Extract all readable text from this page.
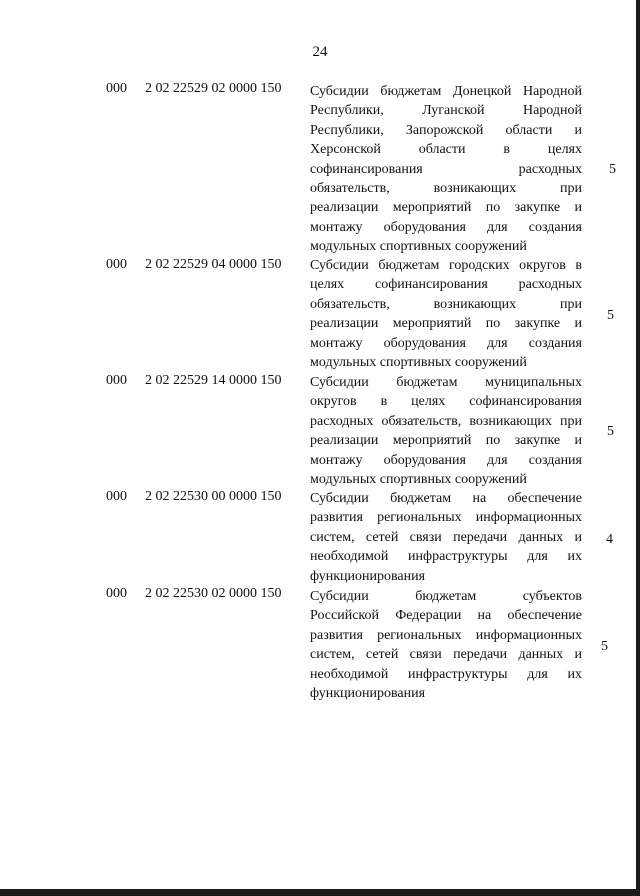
24
000 2 02 22529 02 0000 150 Субсидии бюджетам Донецкой Народной
Республики, Луганской Народной
Республики, Запорожской области и
Херсонской области в целях
софинансирования расходных
обязательств, возникающих при
реализации мероприятий по закупке и
монтажу оборудования для создания
модульных спортивных сооружений
5
000 2 02 22529 04 0000 150 Субсидии бюджетам городских округов в
целях софинансирования расходных
обязательств, возникающих при
реализации мероприятий по закупке и
монтажу оборудования для создания
модульных спортивных сооружений
5
000 2 02 22529 14 0000 150 Субсидии бюджетам муниципальных
округов в целях софинансирования
расходных обязательств, возникающих при
реализации мероприятий по закупке и
монтажу оборудования для создания
модульных спортивных сооружений
5
000 2 02 22530 00 0000 150 Субсидии бюджетам на обеспечение
развития региональных информационных
систем, сетей связи передачи данных и
необходимой инфраструктуры для их
функционирования
4
000 2 02 22530 02 0000 150 Субсидии бюджетам субъектов
Российской Федерации на обеспечение
развития региональных информационных
систем, сетей связи передачи данных и
необходимой инфраструктуры для их
функционирования
5
